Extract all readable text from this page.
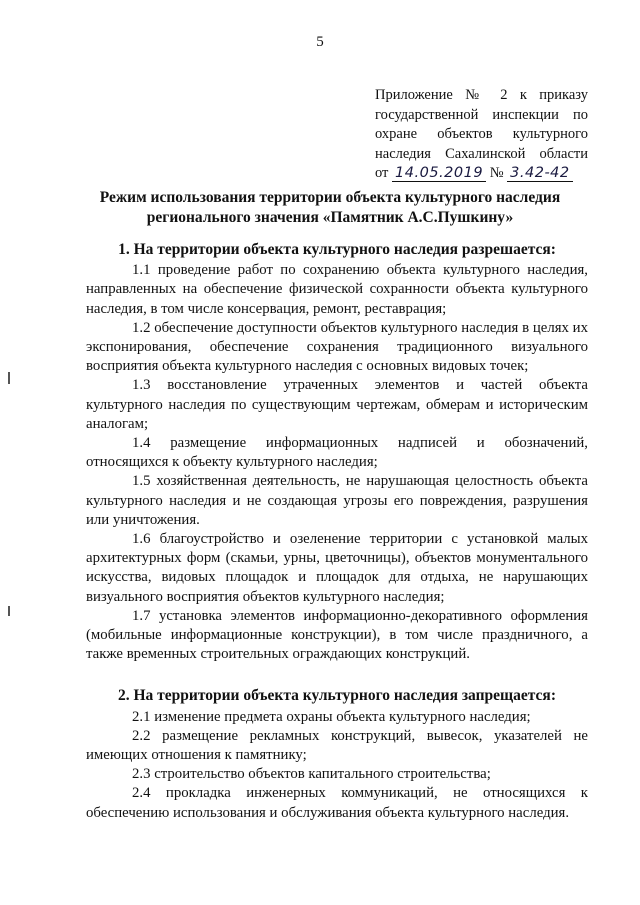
5
Приложение № 2 к приказу
государственной инспекции по
охране объектов культурного
наследия Сахалинской области
от 14.05.2019 № 3.42-42
Режим использования территории объекта культурного наследия
регионального значения «Памятник А.С.Пушкину»

1. На территории объекта культурного наследия разрешается:

1.1 проведение работ по сохранению объекта культурного наследия, направленных на обеспечение физической сохранности объекта культурного наследия, в том числе консервация, ремонт, реставрация;

1.2 обеспечение доступности объектов культурного наследия в целях их экспонирования, обеспечение сохранения традиционного визуального восприятия объекта культурного наследия с основных видовых точек;

1.3 восстановление утраченных элементов и частей объекта культурного наследия по существующим чертежам, обмерам и историческим аналогам;

1.4 размещение информационных надписей и обозначений, относящихся к объекту культурного наследия;

1.5 хозяйственная деятельность, не нарушающая целостность объекта культурного наследия и не создающая угрозы его повреждения, разрушения или уничтожения.

1.6 благоустройство и озеленение территории с установкой малых архитектурных форм (скамьи, урны, цветочницы), объектов монументального искусства, видовых площадок и площадок для отдыха, не нарушающих визуального восприятия объектов культурного наследия;

1.7 установка элементов информационно-декоративного оформления (мобильные информационные конструкции), в том числе праздничного, а также временных строительных ограждающих конструкций.

2. На территории объекта культурного наследия запрещается:

2.1 изменение предмета охраны объекта культурного наследия;

2.2 размещение рекламных конструкций, вывесок, указателей не имеющих отношения к памятнику;

2.3 строительство объектов капитального строительства;

2.4 прокладка инженерных коммуникаций, не относящихся к обеспечению использования и обслуживания объекта культурного наследия.
